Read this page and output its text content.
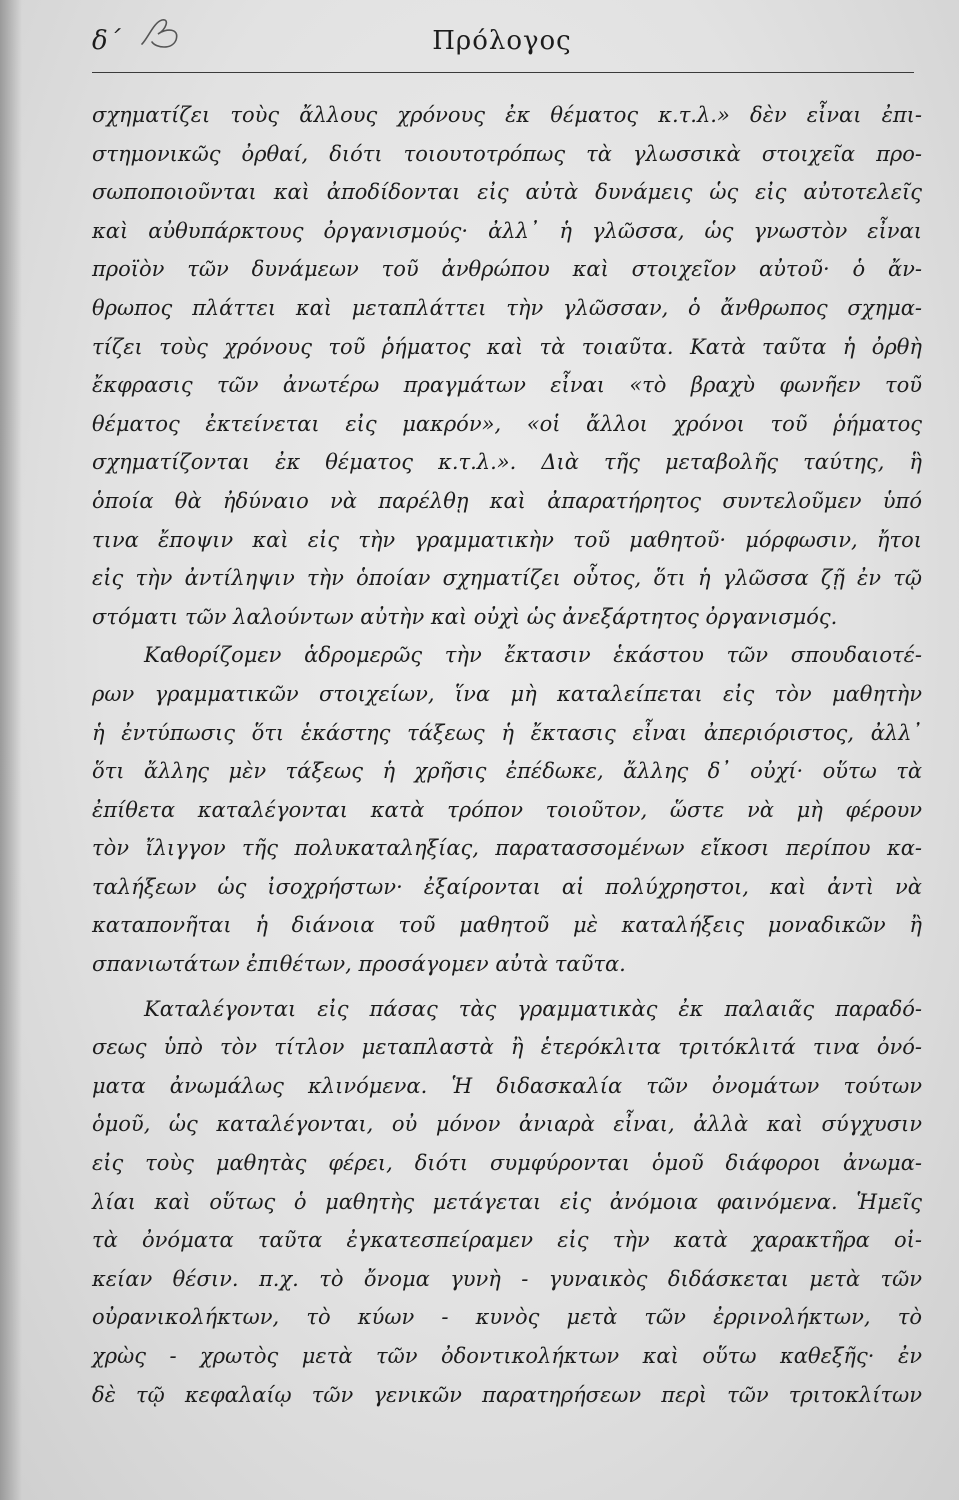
δ΄	Πρόλογος
σχηματίζει τοὺς ἄλλους χρόνους ἐκ θέματος κ.τ.λ.» δὲν εἶναι ἐπι-
στημονικῶς ὀρθαί, διότι τοιουτοτρόπως τὰ γλωσσικὰ στοιχεῖα προ-
σωποποιοῦνται καὶ ἀποδίδονται εἰς αὐτὰ δυνάμεις ὡς εἰς αὐτοτελεῖς
καὶ αὐθυπάρκτους ὀργανισμούς· ἀλλ᾽ ἡ γλῶσσα, ὡς γνωστὸν εἶναι
προϊὸν τῶν δυνάμεων τοῦ ἀνθρώπου καὶ στοιχεῖον αὐτοῦ· ὁ ἄν-
θρωπος πλάττει καὶ μεταπλάττει τὴν γλῶσσαν, ὁ ἄνθρωπος σχημα-
τίζει τοὺς χρόνους τοῦ ῥήματος καὶ τὰ τοιαῦτα. Κατὰ ταῦτα ἡ ὀρθὴ
ἔκφρασις τῶν ἀνωτέρω πραγμάτων εἶναι «τὸ βραχὺ φωνῆεν τοῦ
θέματος ἐκτείνεται εἰς μακρόν», «οἱ ἄλλοι χρόνοι τοῦ ῥήματος
σχηματίζονται ἐκ θέματος κ.τ.λ.». Διὰ τῆς μεταβολῆς ταύτης, ἣ
ὁποία θὰ ἠδύναιο νὰ παρέλθῃ καὶ ἀπαρατήρητος συντελοῦμεν ὑπό
τινα ἔποψιν καὶ εἰς τὴν γραμματικὴν τοῦ μαθητοῦ· μόρφωσιν, ἤτοι
εἰς τὴν ἀντίληψιν τὴν ὁποίαν σχηματίζει οὗτος, ὅτι ἡ γλῶσσα ζῇ ἐν τῷ
στόματι τῶν λαλούντων αὐτὴν καὶ οὐχὶ ὡς ἀνεξάρτητος ὀργανισμός.
Καθορίζομεν ἁδρομερῶς τὴν ἔκτασιν ἑκάστου τῶν σπουδαιοτέ-
ρων γραμματικῶν στοιχείων, ἵνα μὴ καταλείπεται εἰς τὸν μαθητὴν
ἡ ἐντύπωσις ὅτι ἑκάστης τάξεως ἡ ἔκτασις εἶναι ἀπεριόριστος, ἀλλ᾽
ὅτι ἄλλης μὲν τάξεως ἡ χρῆσις ἐπέδωκε, ἄλλης δ᾽ οὐχί· οὕτω τὰ
ἐπίθετα καταλέγονται κατὰ τρόπον τοιοῦτον, ὥστε νὰ μὴ φέρουν
τὸν ἴλιγγον τῆς πολυκαταληξίας, παρατασσομένων εἴκοσι περίπου κα-
ταλήξεων ὡς ἰσοχρήστων· ἐξαίρονται αἱ πολύχρηστοι, καὶ ἀντὶ νὰ
καταπονῆται ἡ διάνοια τοῦ μαθητοῦ μὲ καταλήξεις μοναδικῶν ἢ
σπανιωτάτων ἐπιθέτων, προσάγομεν αὐτὰ ταῦτα.
Καταλέγονται εἰς πάσας τὰς γραμματικὰς ἐκ παλαιᾶς παραδό-
σεως ὑπὸ τὸν τίτλον μεταπλαστὰ ἢ ἑτερόκλιτα τριτόκλιτά τινα ὀνό-
ματα ἀνωμάλως κλινόμενα. Ἡ διδασκαλία τῶν ὀνομάτων τούτων
ὁμοῦ, ὡς καταλέγονται, οὐ μόνον ἀνιαρὰ εἶναι, ἀλλὰ καὶ σύγχυσιν
εἰς τοὺς μαθητὰς φέρει, διότι συμφύρονται ὁμοῦ διάφοροι ἀνωμα-
λίαι καὶ οὕτως ὁ μαθητὴς μετάγεται εἰς ἀνόμοια φαινόμενα. Ἡμεῖς
τὰ ὀνόματα ταῦτα ἐγκατεσπείραμεν εἰς τὴν κατὰ χαρακτῆρα οἰ-
κείαν θέσιν. π.χ. τὸ ὄνομα γυνὴ - γυναικὸς διδάσκεται μετὰ τῶν
οὐρανικολήκτων, τὸ κύων - κυνὸς μετὰ τῶν ἐρρινολήκτων, τὸ
χρὼς - χρωτὸς μετὰ τῶν ὀδοντικολήκτων καὶ οὕτω καθεξῆς· ἐν
δὲ τῷ κεφαλαίῳ τῶν γενικῶν παρατηρήσεων περὶ τῶν τριτοκλίτων
